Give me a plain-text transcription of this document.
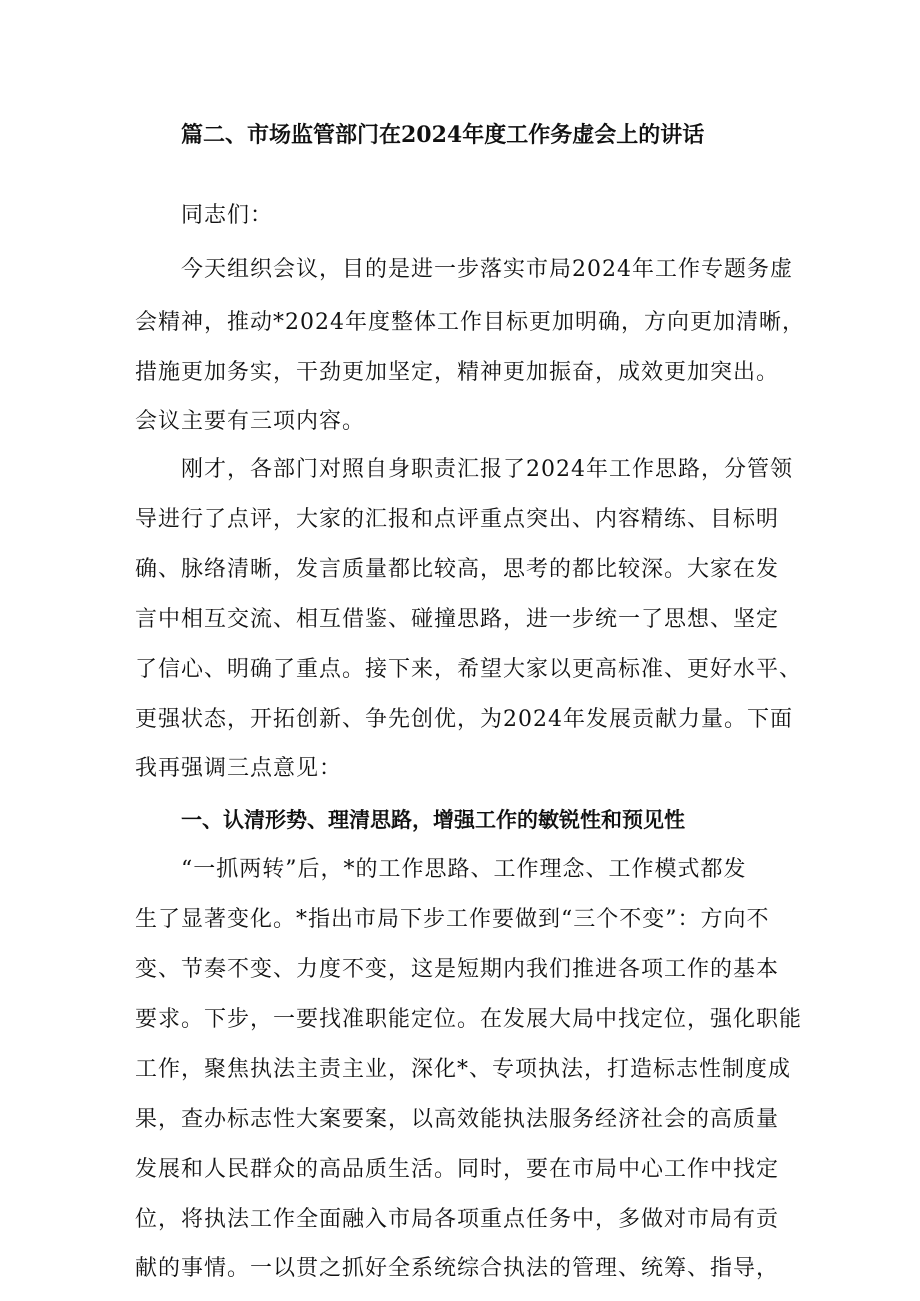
篇二、市场监管部门在2024年度工作务虚会上的讲话
同志们：
今天组织会议，目的是进一步落实市局2024年工作专题务虚
会精神，推动*2024年度整体工作目标更加明确，方向更加清晰，
措施更加务实，干劲更加坚定，精神更加振奋，成效更加突出。
会议主要有三项内容。
刚才，各部门对照自身职责汇报了2024年工作思路，分管领
导进行了点评，大家的汇报和点评重点突出、内容精练、目标明
确、脉络清晰，发言质量都比较高，思考的都比较深。大家在发
言中相互交流、相互借鉴、碰撞思路，进一步统一了思想、坚定
了信心、明确了重点。接下来，希望大家以更高标准、更好水平、
更强状态，开拓创新、争先创优，为2024年发展贡献力量。下面
我再强调三点意见：
一、认清形势、理清思路，增强工作的敏锐性和预见性
“一抓两转”后，*的工作思路、工作理念、工作模式都发
生了显著变化。*指出市局下步工作要做到“三个不变”：方向不
变、节奏不变、力度不变，这是短期内我们推进各项工作的基本
要求。下步，一要找准职能定位。在发展大局中找定位，强化职能
工作，聚焦执法主责主业，深化*、专项执法，打造标志性制度成
果，查办标志性大案要案，以高效能执法服务经济社会的高质量
发展和人民群众的高品质生活。同时，要在市局中心工作中找定
位，将执法工作全面融入市局各项重点任务中，多做对市局有贡
献的事情。一以贯之抓好全系统综合执法的管理、统筹、指导，
